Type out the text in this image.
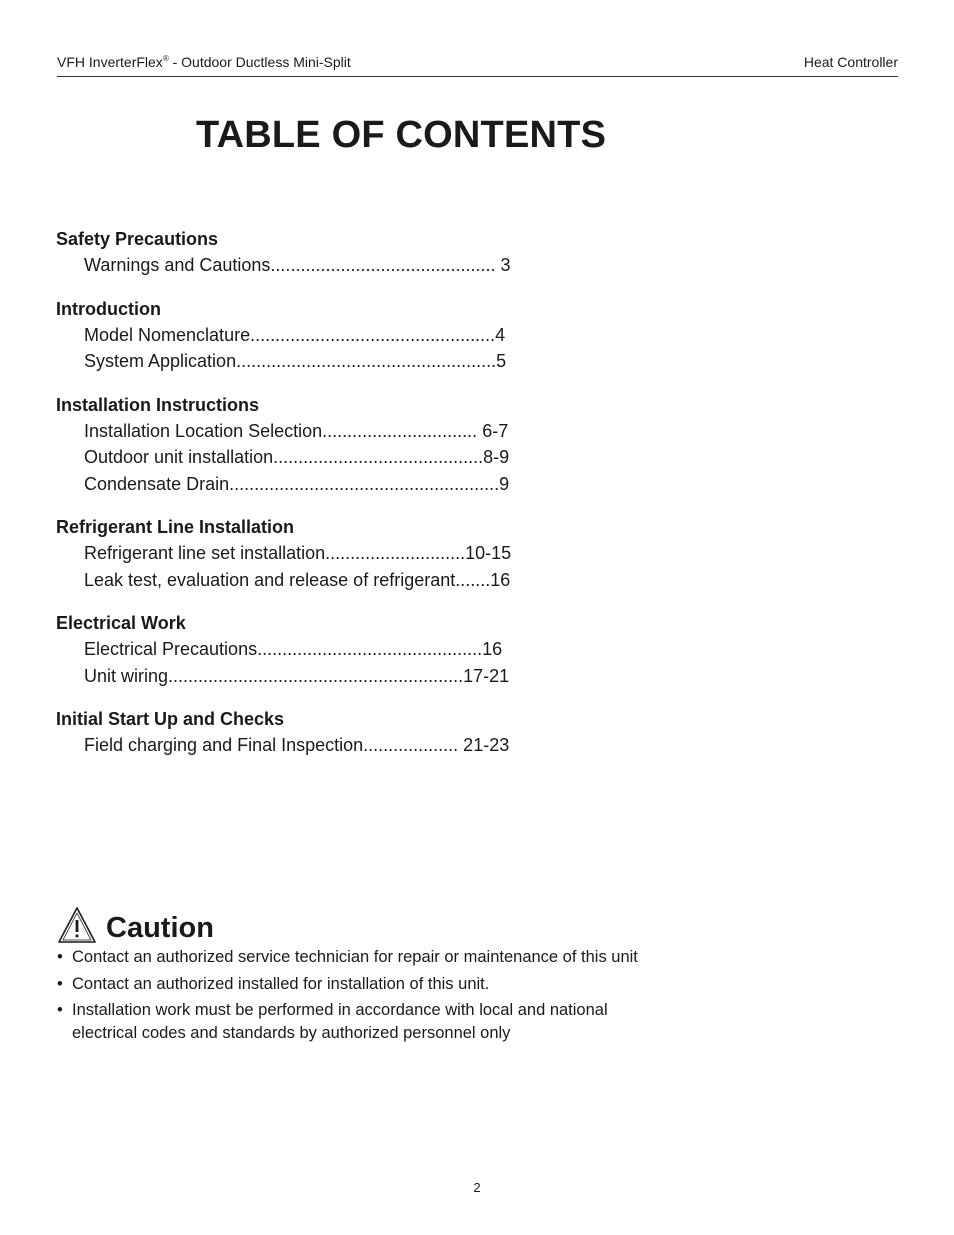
VFH InverterFlex® - Outdoor Ductless Mini-Split	Heat Controller
TABLE OF CONTENTS
Safety Precautions
Warnings and Cautions............................................. 3
Introduction
Model Nomenclature.................................................4
System Application....................................................5
Installation Instructions
Installation Location Selection............................... 6-7
Outdoor unit installation..........................................8-9
Condensate Drain......................................................9
Refrigerant Line Installation
Refrigerant line set installation............................10-15
Leak test, evaluation and release of refrigerant.......16
Electrical Work
Electrical Precautions.............................................16
Unit wiring...........................................................17-21
Initial Start Up and Checks
Field charging and Final Inspection................... 21-23
Caution
• Contact an authorized service technician for repair or maintenance of this unit
• Contact an authorized installed for installation of this unit.
• Installation work must be performed in accordance with local and national electrical codes and standards by authorized personnel only
2
